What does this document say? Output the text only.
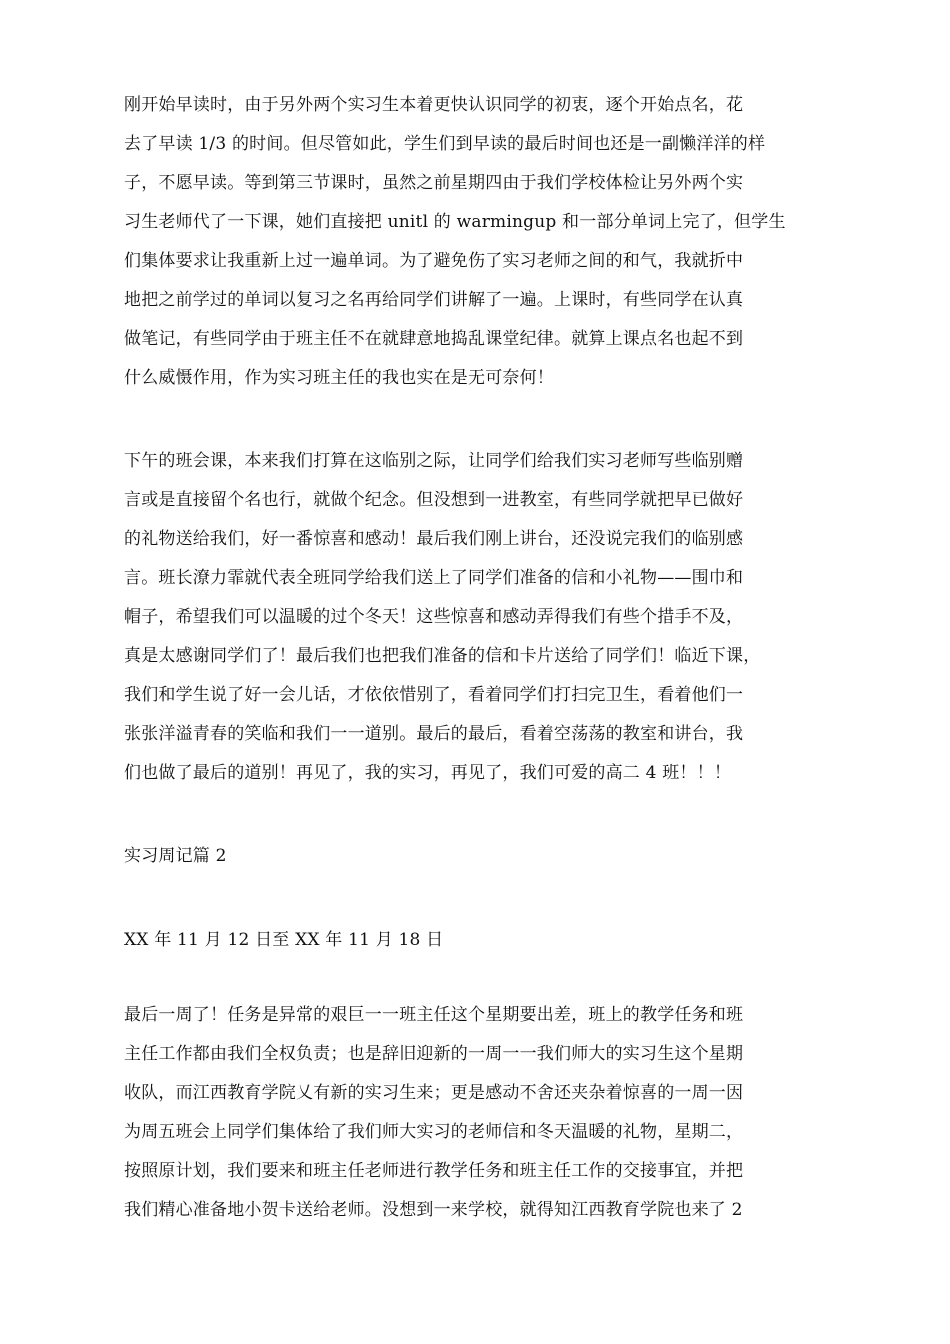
刚开始早读时，由于另外两个实习生本着更快认识同学的初衷，逐个开始点名，花
去了早读 1/3 的时间。但尽管如此，学生们到早读的最后时间也还是一副懒洋洋的样
子，不愿早读。等到第三节课时，虽然之前星期四由于我们学校体检让另外两个实
习生老师代了一下课，她们直接把 unitl 的 warmingup 和一部分单词上完了，但学生
们集体要求让我重新上过一遍单词。为了避免伤了实习老师之间的和气，我就折中
地把之前学过的单词以复习之名再给同学们讲解了一遍。上课时，有些同学在认真
做笔记，有些同学由于班主任不在就肆意地捣乱课堂纪律。就算上课点名也起不到
什么威慑作用，作为实习班主任的我也实在是无可奈何！
下午的班会课，本来我们打算在这临别之际，让同学们给我们实习老师写些临别赠
言或是直接留个名也行，就做个纪念。但没想到一进教室，有些同学就把早已做好
的礼物送给我们，好一番惊喜和感动！最后我们刚上讲台，还没说完我们的临别感
言。班长潦力霏就代表全班同学给我们送上了同学们准备的信和小礼物——围巾和
帽子，希望我们可以温暖的过个冬天！这些惊喜和感动弄得我们有些个措手不及，
真是太感谢同学们了！最后我们也把我们准备的信和卡片送给了同学们！临近下课，
我们和学生说了好一会儿话，才依依惜别了，看着同学们打扫完卫生，看着他们一
张张洋溢青春的笑临和我们一一道别。最后的最后，看着空荡荡的教室和讲台，我
们也做了最后的道别！再见了，我的实习，再见了，我们可爱的高二 4 班！！！
实习周记篇 2
XX 年 11 月 12 日至 XX 年 11 月 18 日
最后一周了！任务是异常的艰巨一一班主任这个星期要出差，班上的教学任务和班
主任工作都由我们全权负责；也是辞旧迎新的一周一一我们师大的实习生这个星期
收队，而江西教育学院乂有新的实习生来；更是感动不舍还夹杂着惊喜的一周一因
为周五班会上同学们集体给了我们师大实习的老师信和冬天温暖的礼物，星期二，
按照原计划，我们要来和班主任老师进行教学任务和班主任工作的交接事宜，并把
我们精心准备地小贺卡送给老师。没想到一来学校，就得知江西教育学院也来了 2
